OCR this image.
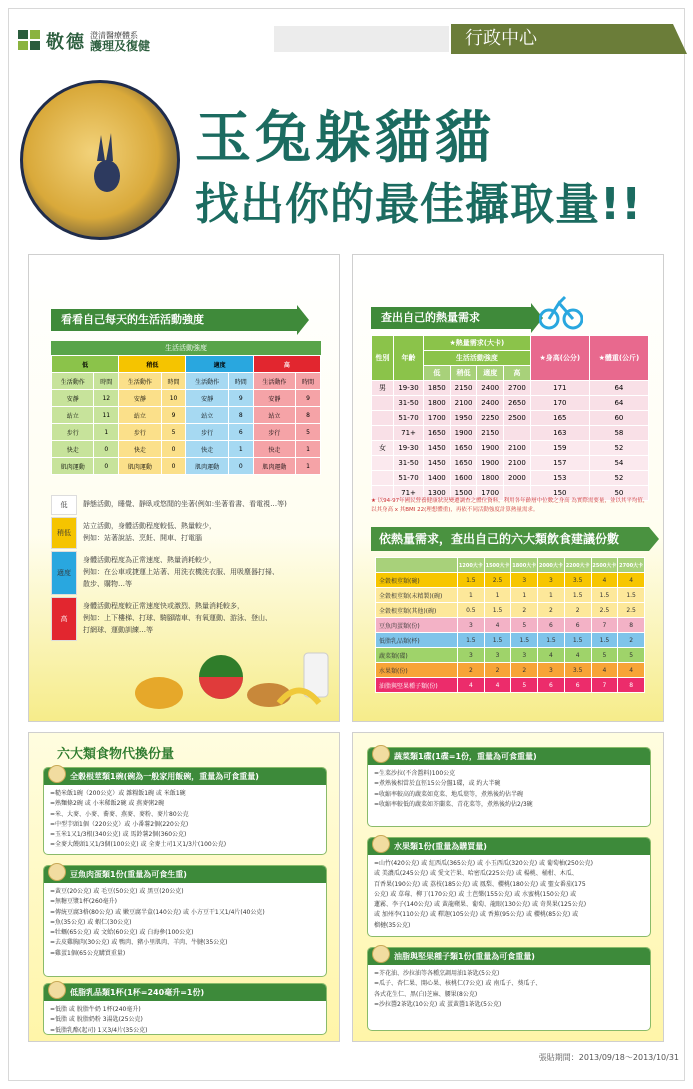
敬德 澄清醫療體系
護理及復健	行政中心
玉兔躲貓貓
找出你的最佳攝取量!!
看看自己每天的生活活動強度
生活活動強度
低		稍低		適度		高	
生活動作	時間	生活動作	時間	生活動作	時間	生活動作	時間
安靜	12	安靜	10	安靜	9	安靜	9
站立	11	站立	9	站立	8	站立	8
步行	1	步行	5	步行	6	步行	5
快走	0	快走	0	快走	1	快走	1
肌肉運動	0	肌肉運動	0	肌肉運動	0	肌肉運動	1
低	靜態活動，睡覺、靜臥或悠閒的坐著(例如:坐著看書、看電視…等)
稍低
站立活動，身體活動程度較低、熱量較少，
例如：站著說話、烹飪、開車、打電腦
適度
身體活動程度為正常速度、熱量消耗較少，
例如：在公車或捷運上站著、用洗衣機洗衣服、用吸塵器打掃、
散步、購物…等
高
身體活動程度較正常速度快或激烈、熱量消耗較多，
例如：上下樓梯、打球、騎腳踏車、有氧運動、游泳、登山、
打網球、運動訓練…等
查出自己的熱量需求
性別	年齡	★熱量需求(大卡)				★身高(公分)	★體重(公斤)
		生活活動強度					
		低	稍低	適度	高		
男	19-30	1850	2150	2400	2700	171	64
	31-50	1800	2100	2400	2650	170	64
	51-70	1700	1950	2250	2500	165	60
	71+	1650	1900	2150		163	58
女	19-30	1450	1650	1900	2100	159	52
	31-50	1450	1650	1900	2100	157	54
	51-70	1400	1600	1800	2000	153	52
	71+	1300	1500	1700		150	50
★ 以94-97年國民營養健康狀況變遷調查之體位資料，利用各年齡層中位數之身高 為實際需要量，並以其平均值，以其身高 x 其BMI 22(理想體重)，再依不同活動強度計算熱量需求。
依熱量需求，查出自己的六大類飲食建議份數
	1200大卡	1500大卡	1800大卡	2000大卡	2200大卡	2500大卡	2700大卡
全穀根莖類(碗)	1.5	2.5	3	3	3.5	4	4
全穀根莖類(未精製)(碗)	1	1	1	1	1.5	1.5	1.5
全穀根莖類(其他)(碗)	0.5	1.5	2	2	2	2.5	2.5
豆魚肉蛋類(份)	3	4	5	6	6	7	8
低脂乳品類(杯)	1.5	1.5	1.5	1.5	1.5	1.5	2
蔬菜類(碟)	3	3	3	4	4	5	5
水果類(份)	2	2	2	3	3.5	4	4
油脂與堅果種子類(份)	4	4	5	6	6	7	8
六大類食物代換份量
全穀根莖類1碗(碗為一般家用飯碗，重量為可食重量)
=糙米飯1碗（200公克）或 雜糧飯1碗 或 米飯1碗
=熟麵條2碗 或 小米稀飯2碗 或 燕麥粥2碗
=米、大麥、小麥、蕎麥、燕麥、麥粉、麥片80公克
=中型芋頭1個（220公克）或 小番薯2個(220公克)
=玉米1又1/3根(340公克) 或 馬鈴薯2個(360公克)
=全麥大饅頭1又1/3個(100公克) 或 全麥土司1又1/3片(100公克)
豆魚肉蛋類1份(重量為可食生重)
=黃豆(20公克) 或 毛豆(50公克) 或 黑豆(20公克)
=無糖豆漿1杯(260毫升)
=傳統豆腐3格(80公克) 或 嫩豆腐半盒(140公克) 或 小方豆干1又1/4片(40公克)
=魚(35公克) 或 蝦仁(30公克)
=牡蠣(65公克) 或 文蛤(60公克) 或 白海參(100公克)
=去皮雞胸肉(30公克) 或 鴨肉、豬小里肌肉、羊肉、牛腱(35公克)
=雞蛋1個(65公克購買重量)
低脂乳品類1杯(1杯=240毫升=1份)
=低脂 或 脫脂牛奶 1杯(240毫升)
=低脂 或 脫脂奶粉 3湯匙(25公克)
=低脂乳酪(起司) 1又3/4片(35公克)
蔬菜類1碟(1碟=1份，重量為可食重量)
=生菜沙拉(不含醬料)100公克
=煮熟後相當於直徑15公分盤1碟，或 約大半碗
=收縮率較高的蔬菜如莧菜、地瓜葉等，煮熟後約佔半碗
=收縮率較低的蔬菜如芥蘭菜、青花菜等，煮熟後約佔2/3碗
水果類1份(重量為購買量)
=山竹(420公克) 或 紅西瓜(365公克) 或 小玉西瓜(320公克) 或 葡萄柚(250公克)
或 美濃瓜(245公克) 或 愛文芒果、哈密瓜(225公克) 或 楊桃、桶柑、木瓜、
百香果(190公克) 或 荔枝(185公克) 或 鳳梨、櫻桃(180公克) 或 聖女番茄(175
公克) 或 草莓、柳丁(170公克) 或 土芭樂(155公克) 或 水蜜桃(150公克) 或
蓮霧、李子(140公克) 或 黃龍蘋果、葡萄、龍眼(130公克) 或 奇異果(125公克)
或 加州李(110公克) 或 釋迦(105公克) 或 香蕉(95公克) 或 櫻桃(85公克) 或
榴槤(35公克)
油脂與堅果種子類1份(重量為可食重量)
=芥花油、沙拉油等各種烹調用油1茶匙(5公克)
=瓜子、杏仁果、開心果、核桃仁(7公克) 或 南瓜子、葵瓜子、
各式花生仁、黑(白)芝麻、腰果(8公克)
=沙拉醬2茶匙(10公克) 或 蛋黃醬1茶匙(5公克)
張貼期間：2013/09/18～2013/10/31
